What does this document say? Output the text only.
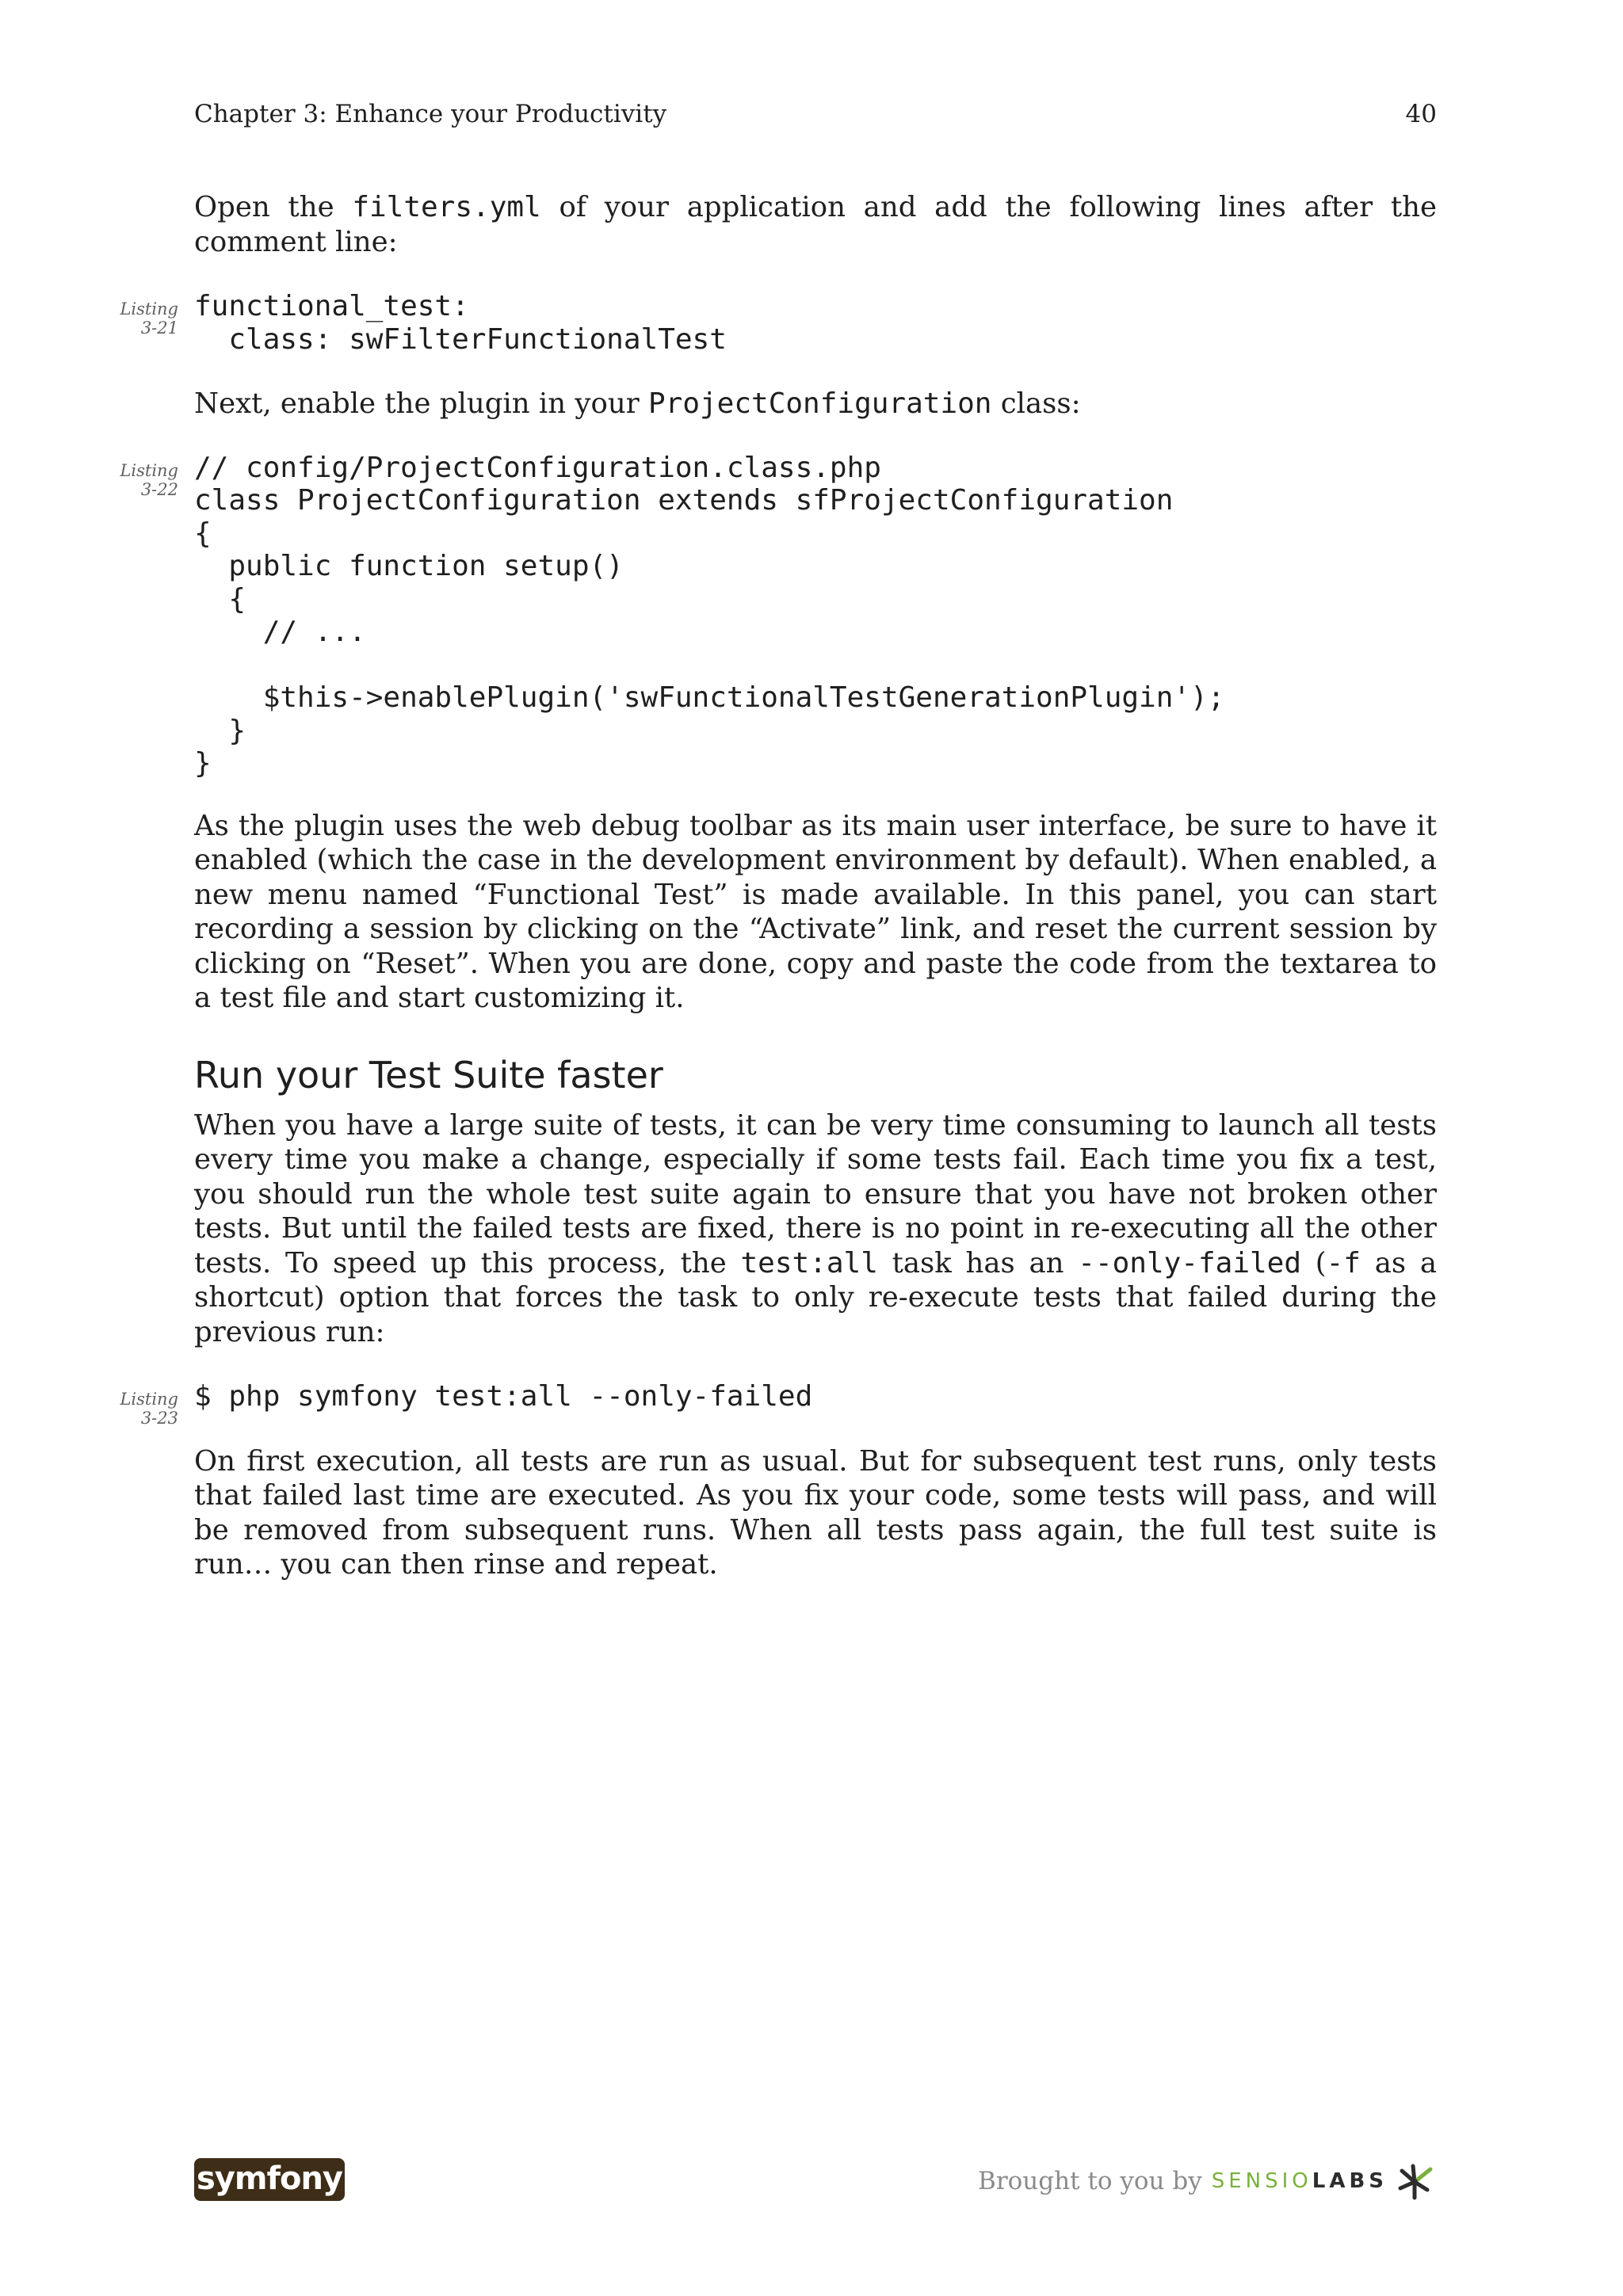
Chapter 3: Enhance your Productivity	40

Open the filters.yml of your application and add the following lines after the comment line:

Listing
3-21
functional_test:
class: swFilterFunctionalTest

Next, enable the plugin in your ProjectConfiguration class:

Listing
3-22
// config/ProjectConfiguration.class.php
class ProjectConfiguration extends sfProjectConfiguration
{
public function setup()
{
// ...

$this->enablePlugin('swFunctionalTestGenerationPlugin');
}
}

As the plugin uses the web debug toolbar as its main user interface, be sure to have it enabled (which the case in the development environment by default). When enabled, a new menu named “Functional Test” is made available. In this panel, you can start recording a session by clicking on the “Activate” link, and reset the current session by clicking on “Reset”. When you are done, copy and paste the code from the textarea to a test file and start customizing it.

Run your Test Suite faster

When you have a large suite of tests, it can be very time consuming to launch all tests every time you make a change, especially if some tests fail. Each time you fix a test, you should run the whole test suite again to ensure that you have not broken other tests. But until the failed tests are fixed, there is no point in re-executing all the other tests. To speed up this process, the test:all task has an --only-failed (-f as a shortcut) option that forces the task to only re-execute tests that failed during the previous run:

Listing
3-23
$ php symfony test:all --only-failed

On first execution, all tests are run as usual. But for subsequent test runs, only tests that failed last time are executed. As you fix your code, some tests will pass, and will be removed from subsequent runs. When all tests pass again, the full test suite is run… you can then rinse and repeat.

symfony	Brought to you by SENSIO LABS
